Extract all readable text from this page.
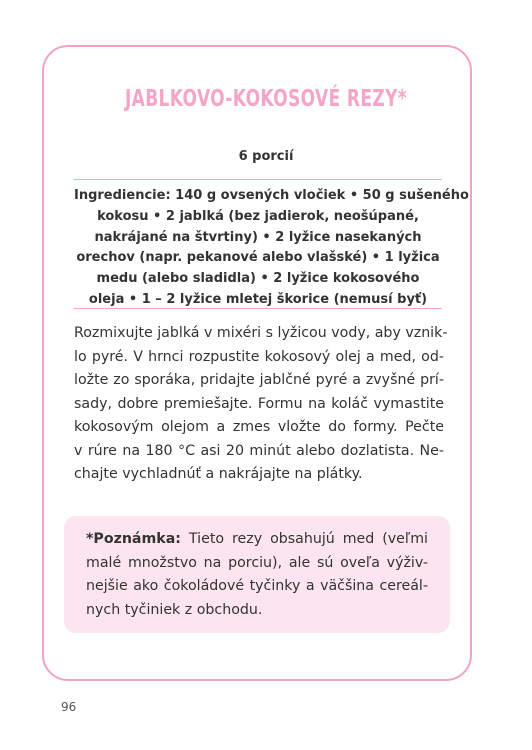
JABLKOVO-KOKOSOVÉ REZY*
6 porcií
Ingrediencie: 140 g ovsených vločiek • 50 g sušeného
kokosu • 2 jablká (bez jadierok, neošúpané,
nakrájané na štvrtiny) • 2 lyžice nasekaných
orechov (napr. pekanové alebo vlašské) • 1 lyžica
medu (alebo sladidla) • 2 lyžice kokosového
oleja • 1 – 2 lyžice mletej škorice (nemusí byť)
Rozmixujte jablká v mixéri s lyžicou vody, aby vznik-
lo pyré. V hrnci rozpustite kokosový olej a med, od-
ložte zo sporáka, pridajte jablčné pyré a zvyšné prí-
sady, dobre premiešajte. Formu na koláč vymastite
kokosovým olejom a zmes vložte do formy. Pečte
v rúre na 180 °C asi 20 minút alebo dozlatista. Ne-
chajte vychladnúť a nakrájajte na plátky.
*Poznámka: Tieto rezy obsahujú med (veľmi
malé množstvo na porciu), ale sú oveľa výživ-
nejšie ako čokoládové tyčinky a väčšina cereál-
nych tyčiniek z obchodu.
96
